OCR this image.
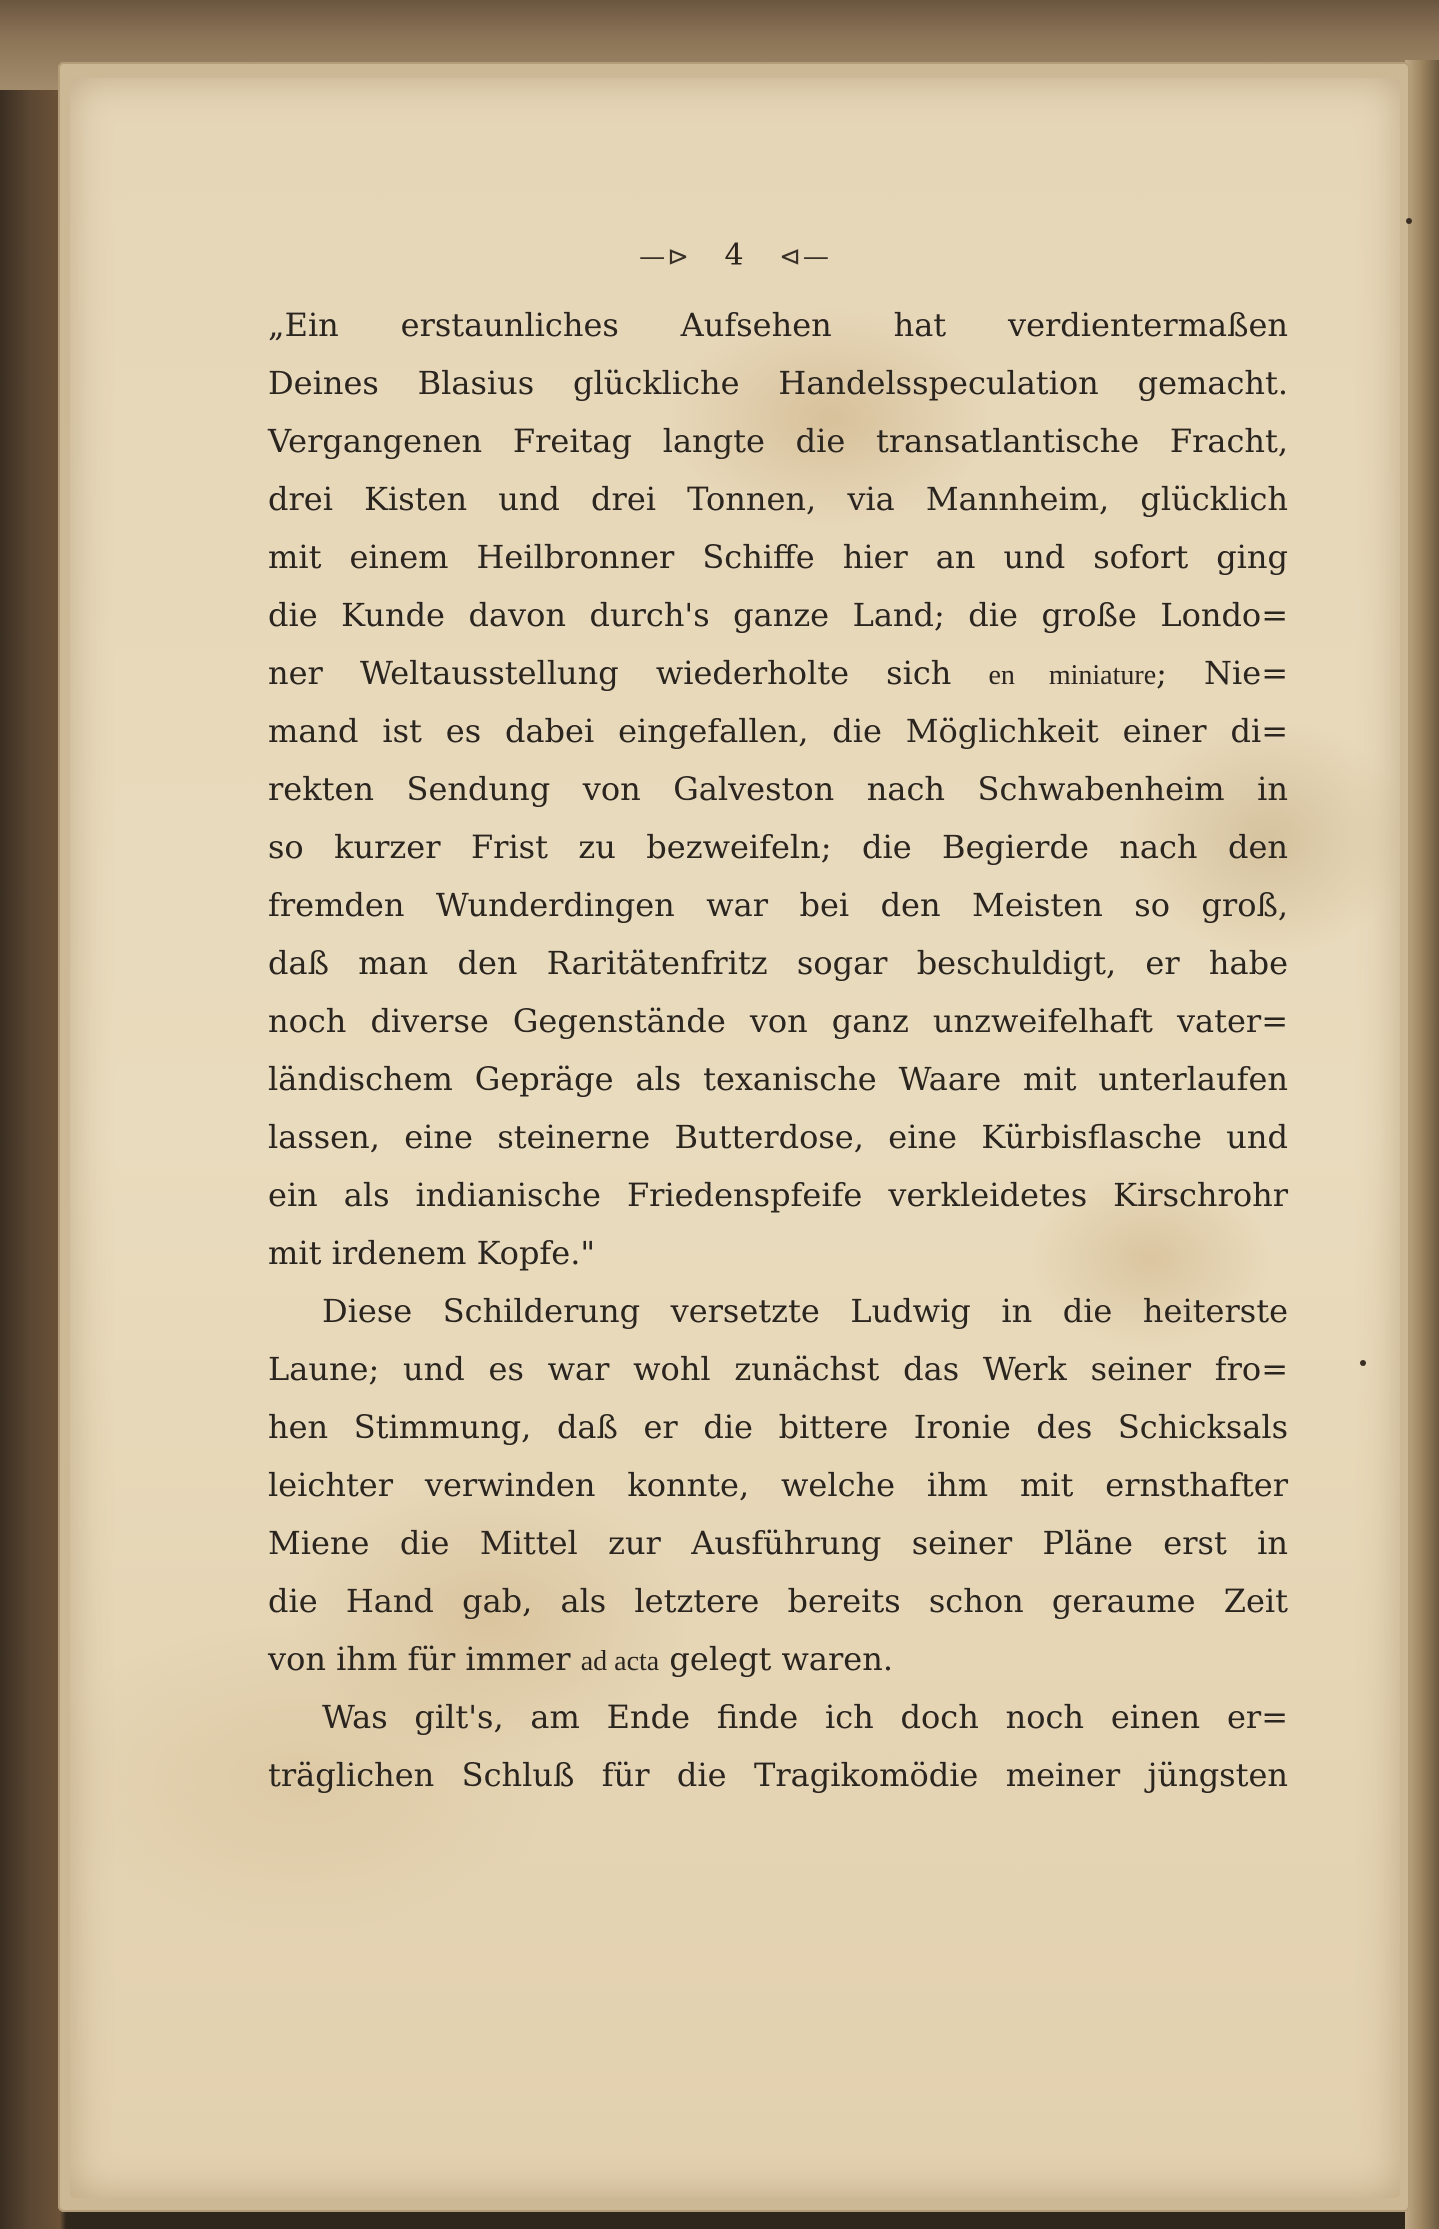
—⊳ 4 ⊲—
„Ein erstaunliches Aufsehen hat verdientermaßen
Deines Blasius glückliche Handelsspeculation gemacht.
Vergangenen Freitag langte die transatlantische Fracht,
drei Kisten und drei Tonnen, via Mannheim, glücklich
mit einem Heilbronner Schiffe hier an und sofort ging
die Kunde davon durch's ganze Land; die große Londo=
ner Weltausstellung wiederholte sich en miniature; Nie=
mand ist es dabei eingefallen, die Möglichkeit einer di=
rekten Sendung von Galveston nach Schwabenheim in
so kurzer Frist zu bezweifeln; die Begierde nach den
fremden Wunderdingen war bei den Meisten so groß,
daß man den Raritätenfritz sogar beschuldigt, er habe
noch diverse Gegenstände von ganz unzweifelhaft vater=
ländischem Gepräge als texanische Waare mit unterlaufen
lassen, eine steinerne Butterdose, eine Kürbisflasche und
ein als indianische Friedenspfeife verkleidetes Kirschrohr
mit irdenem Kopfe."
Diese Schilderung versetzte Ludwig in die heiterste
Laune; und es war wohl zunächst das Werk seiner fro=
hen Stimmung, daß er die bittere Ironie des Schicksals
leichter verwinden konnte, welche ihm mit ernsthafter
Miene die Mittel zur Ausführung seiner Pläne erst in
die Hand gab, als letztere bereits schon geraume Zeit
von ihm für immer ad acta gelegt waren.
Was gilt's, am Ende finde ich doch noch einen er=
träglichen Schluß für die Tragikomödie meiner jüngsten
